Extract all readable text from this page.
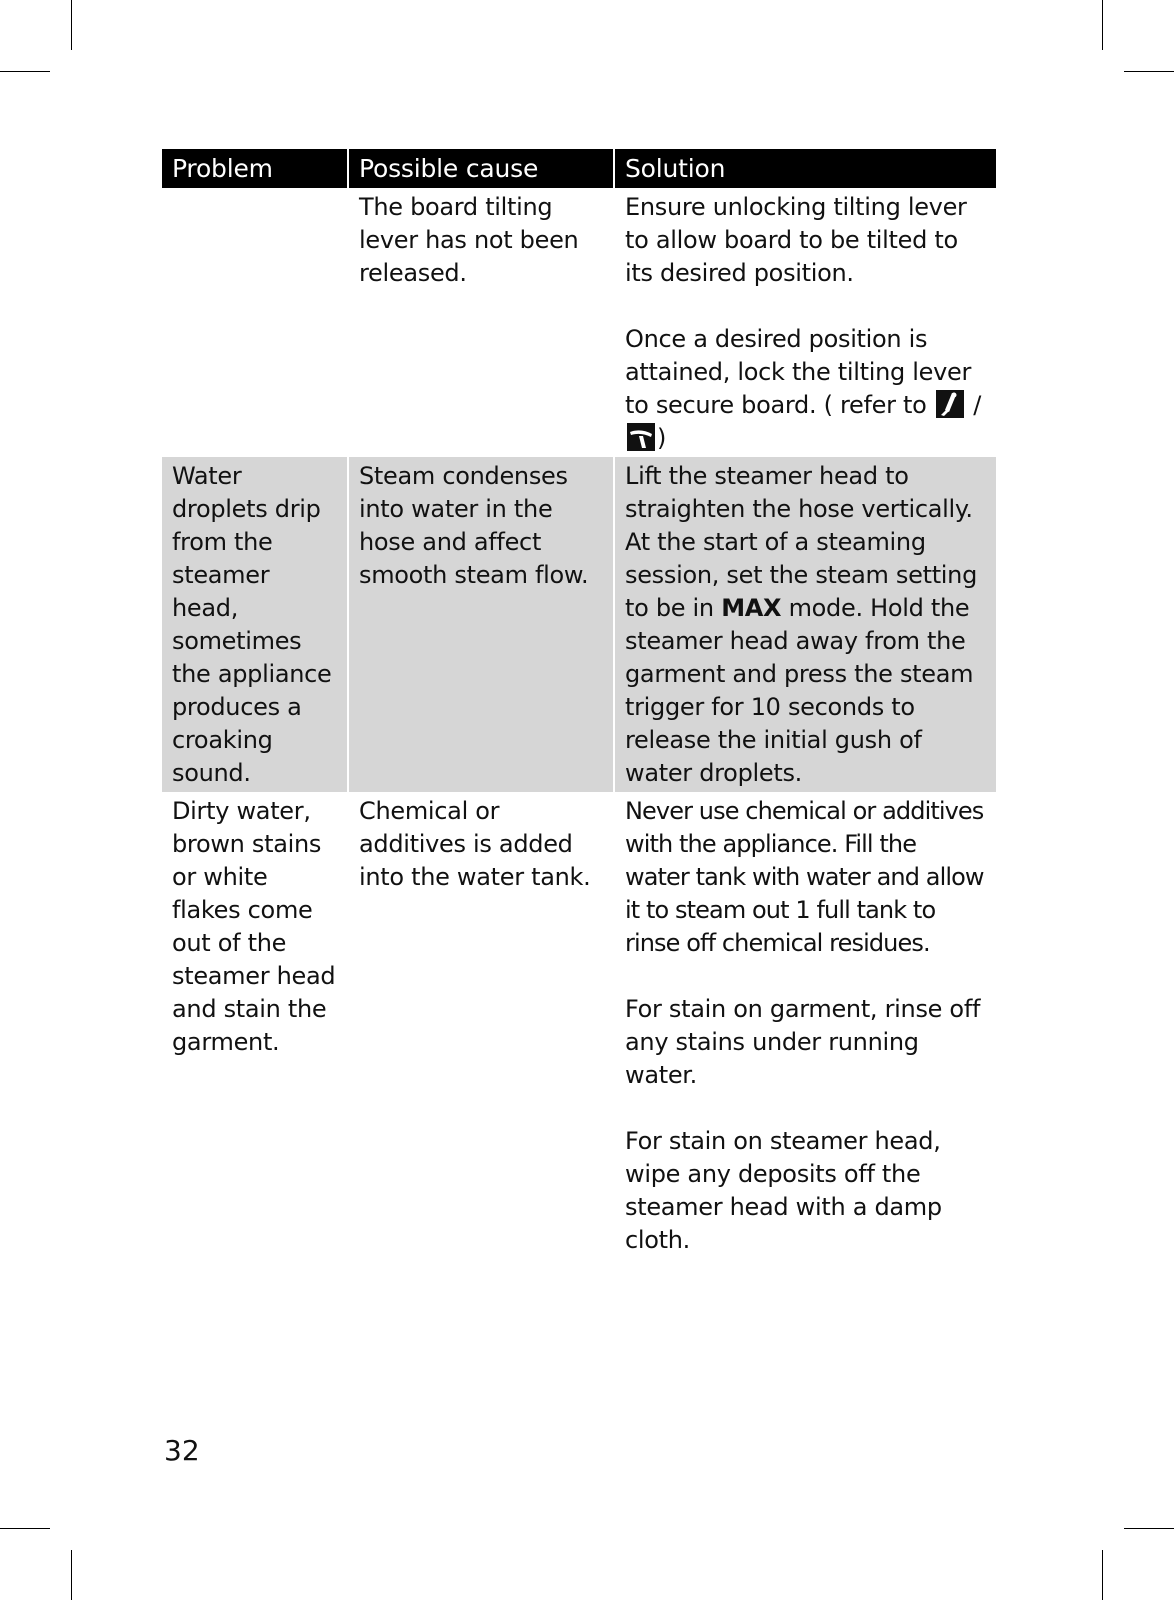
Problem	Possible cause	Solution
	The board tilting lever has not been released.	Ensure unlocking tilting lever to allow board to be tilted to its desired position.
Once a desired position is attained, lock the tilting lever to secure board. ( refer to /
)

Water droplets drip from the steamer head, sometimes the appliance produces a croaking sound.	Steam condenses into water in the hose and affect smooth steam flow.	Lift the steamer head to straighten the hose vertically.
At the start of a steaming session, set the steam setting to be in MAX mode. Hold the steamer head away from the garment and press the steam trigger for 10 seconds to release the initial gush of water droplets.

Dirty water, brown stains or white flakes come out of the steamer head and stain the garment.	Chemical or additives is added into the water tank.	Never use chemical or additives with the appliance. Fill the water tank with water and allow it to steam out 1 full tank to rinse off chemical residues.
For stain on garment, rinse off any stains under running water.
For stain on steamer head, wipe any deposits off the steamer head with a damp cloth.
32
